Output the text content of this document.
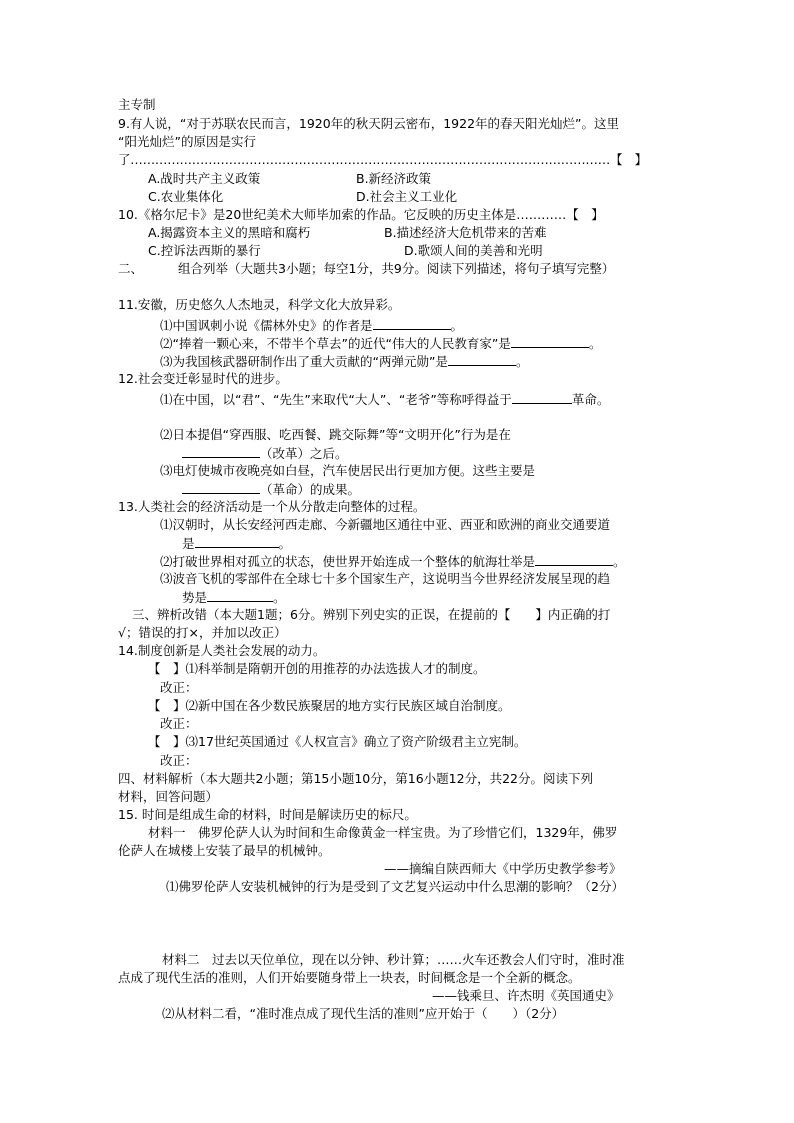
主专制
9.有人说，“对于苏联农民而言，1920年的秋天阴云密布，1922年的春天阳光灿烂”。这里
“阳光灿烂”的原因是实行
了………………………………………………………………………………………………………【　】
A.战时共产主义政策	B.新经济政策
C.农业集体化	D.社会主义工业化
10.《格尔尼卡》是20世纪美术大师毕加索的作品。它反映的历史主体是…………【　】
A.揭露资本主义的黑暗和腐朽	B.描述经济大危机带来的苦难
C.控诉法西斯的暴行	D.歌颂人间的美善和光明
二、	组合列举（大题共3小题；每空1分，共9分。阅读下列描述，将句子填写完整）
11.安徽，历史悠久人杰地灵，科学文化大放异彩。
⑴中国讽刺小说《儒林外史》的作者是	。
⑵“捧着一颗心来，不带半个草去”的近代“伟大的人民教育家”是	。
⑶为我国核武器研制作出了重大贡献的“两弹元勋”是	。
12.社会变迁彰显时代的进步。
⑴在中国，以“君”、“先生”来取代“大人”、“老爷”等称呼得益于	革命。
⑵日本提倡“穿西服、吃西餐、跳交际舞”等“文明开化”行为是在
（改革）之后。
⑶电灯使城市夜晚亮如白昼，汽车使居民出行更加方便。这些主要是
（革命）的成果。
13.人类社会的经济活动是一个从分散走向整体的过程。
⑴汉朝时，从长安经河西走廊、今新疆地区通往中亚、西亚和欧洲的商业交通要道
是	。
⑵打破世界相对孤立的状态，使世界开始连成一个整体的航海壮举是	。
⑶波音飞机的零部件在全球七十多个国家生产，这说明当今世界经济发展呈现的趋
势是	。
三、辨析改错（本大题1题；6分。辨别下列史实的正误，在提前的【　　】内正确的打
√；错误的打×，并加以改正）
14.制度创新是人类社会发展的动力。
【　】⑴科举制是隋朝开创的用推荐的办法选拔人才的制度。
改正：
【　】⑵新中国在各少数民族聚居的地方实行民族区域自治制度。
改正：
【　】⑶17世纪英国通过《人权宣言》确立了资产阶级君主立宪制。
改正：
四、材料解析（本大题共2小题；第15小题10分，第16小题12分，共22分。阅读下列
材料，回答问题）
15. 时间是组成生命的材料，时间是解读历史的标尺。
材料一　佛罗伦萨人认为时间和生命像黄金一样宝贵。为了珍惜它们，1329年，佛罗
伦萨人在城楼上安装了最早的机械钟。
——摘编自陕西师大《中学历史教学参考》
⑴佛罗伦萨人安装机械钟的行为是受到了文艺复兴运动中什么思潮的影响？（2分）
材料二　过去以天位单位，现在以分钟、秒计算；……火车还教会人们守时，准时准
点成了现代生活的准则，人们开始要随身带上一块表，时间概念是一个全新的概念。
——钱乘旦、许杰明《英国通史》
⑵从材料二看，“准时准点成了现代生活的准则”应开始于（　　）（2分）
